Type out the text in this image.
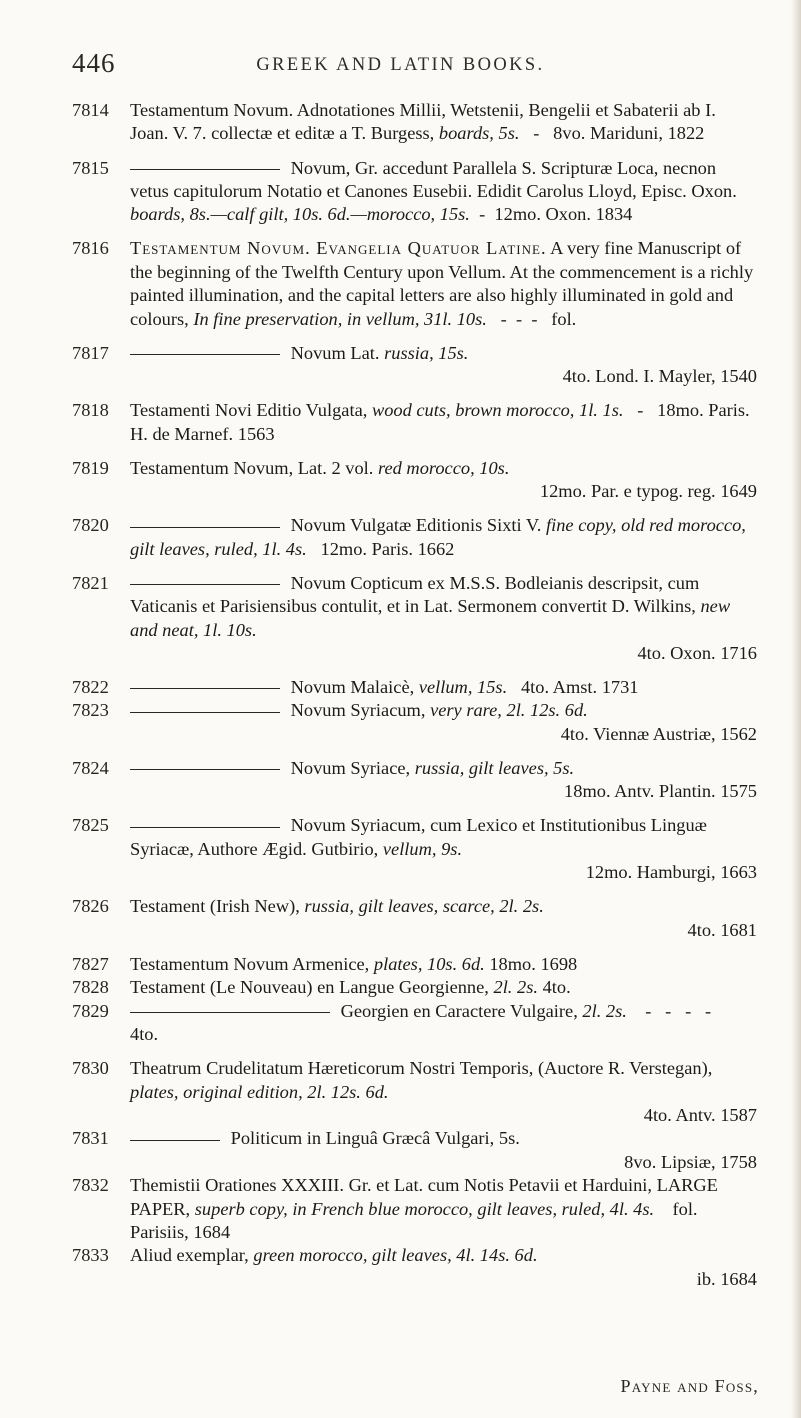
446	GREEK AND LATIN BOOKS.
7814	Testamentum Novum. Adnotationes Millii, Wetstenii, Bengelii et Sabaterii ab I. Joan. V. 7. collectæ et editæ a T. Burgess, boards, 5s.   -   8vo. Mariduni, 1822
7815	Novum, Gr. accedunt Parallela S. Scripturæ Loca, necnon vetus capitulorum Notatio et Canones Eusebii. Edidit Carolus Lloyd, Episc. Oxon. boards, 8s.—calf gilt, 10s. 6d.—morocco, 15s.  -  12mo. Oxon. 1834
7816	Testamentum Novum. Evangelia Quatuor Latine. A very fine Manuscript of the beginning of the Twelfth Century upon Vellum. At the commencement is a richly painted illumination, and the capital letters are also highly illuminated in gold and colours, In fine preservation, in vellum, 31l. 10s.   -  -  -   fol.
7817	Novum Lat. russia, 15s.
4to. Lond. I. Mayler, 1540
7818	Testamenti Novi Editio Vulgata, wood cuts, brown morocco, 1l. 1s.   -   18mo. Paris. H. de Marnef. 1563
7819	Testamentum Novum, Lat. 2 vol. red morocco, 10s.
12mo. Par. e typog. reg. 1649
7820	Novum Vulgatæ Editionis Sixti V. fine copy, old red morocco, gilt leaves, ruled, 1l. 4s. 12mo. Paris. 1662
7821	Novum Copticum ex M.S.S. Bodleianis descripsit, cum Vaticanis et Parisiensibus contulit, et in Lat. Sermonem convertit D. Wilkins, new and neat, 1l. 10s.
4to. Oxon. 1716
7822	Novum Malaicè, vellum, 15s. 4to. Amst. 1731
7823	Novum Syriacum, very rare, 2l. 12s. 6d.
4to. Viennæ Austriæ, 1562
7824	Novum Syriace, russia, gilt leaves, 5s.
18mo. Antv. Plantin. 1575
7825	Novum Syriacum, cum Lexico et Institutionibus Linguæ Syriacæ, Authore Ægid. Gutbirio, vellum, 9s.
12mo. Hamburgi, 1663
7826	Testament (Irish New), russia, gilt leaves, scarce, 2l. 2s.
4to. 1681
7827	Testamentum Novum Armenice, plates, 10s. 6d. 18mo. 1698
7828	Testament (Le Nouveau) en Langue Georgienne, 2l. 2s. 4to.
7829	Georgien en Caractere Vulgaire, 2l. 2s.    -   -   -   -    4to.
7830	Theatrum Crudelitatum Hæreticorum Nostri Temporis, (Auctore R. Verstegan), plates, original edition, 2l. 12s. 6d.
4to. Antv. 1587
7831	Politicum in Linguâ Græcâ Vulgari, 5s.
8vo. Lipsiæ, 1758
7832	Themistii Orationes XXXIII. Gr. et Lat. cum Notis Petavii et Harduini, LARGE PAPER, superb copy, in French blue morocco, gilt leaves, ruled, 4l. 4s. fol. Parisiis, 1684
7833	Aliud exemplar, green morocco, gilt leaves, 4l. 14s. 6d.
ib. 1684
Payne and Foss,
